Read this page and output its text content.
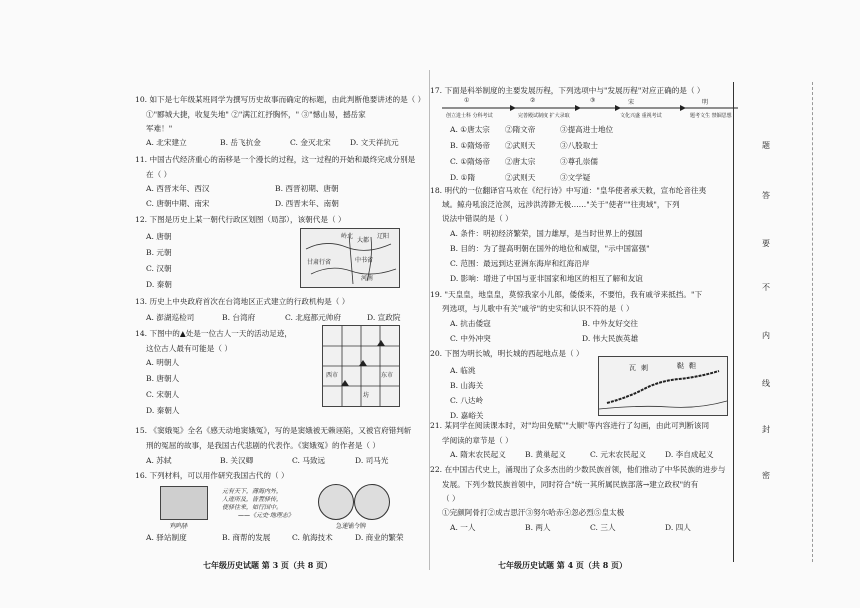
10. 如下是七年级某班同学为撰写历史故事而确定的标题，由此判断他要讲述的是（ ）
①"郾城大捷，收复失地" ②"满江红抒胸怀，" ③"憾山易，撼岳家
军难！"
A. 北宋建立	B. 岳飞抗金	C. 金灭北宋	D. 文天祥抗元
11. 中国古代经济重心的南移是一个漫长的过程，这一过程的开始和最终完成分别是
在（ ）
A. 西晋末年、西汉	B. 西晋初期、唐朝
C. 唐朝中期、南宋	D. 西晋末年、南朝
12. 下图是历史上某一朝代行政区划图（局部），该朝代是（ ）
A. 唐朝
B. 元朝
C. 汉朝
D. 秦朝
大都
甘肃行省
岭北	辽阳
中书省
河南
13. 历史上中央政府首次在台湾地区正式建立的行政机构是（ ）
A. 澎湖巡检司	B. 台湾府	C. 北庭都元帅府	D. 宣政院
14. 下图中的▲处是一位古人一天的活动足迹，
这位古人最有可能是（ ）
A. 明朝人
B. 唐朝人
C. 宋朝人
D. 秦朝人
东市
西市
坊
15. 《窦娥冤》全名《感天动地窦娥冤》，写的是窦娥被无赖诬陷，又被官府错判斩
刑的冤屈的故事，是我国古代悲剧的代表作。《窦娥冤》的作者是（ ）
A. 苏轼	B. 关汉卿	C. 马致远	D. 司马光
16. 下列材料，可以用作研究我国古代的（ ）
鸡鸣驿
元有天下，薄海内外，
人迹所及，皆置驿传，
使驿往来，如行国中。
——《元史·地理志》
急递铺令牌
A. 驿站制度	B. 商帮的发展	C. 航海技术	D. 商业的繁荣
七年级历史试题 第 3 页（共 8 页）
17. 下面是科举制度的主要发展历程，下列选项中与"发展历程"对应正确的是（ ）
①	②	③	宋	明
创立进士科 分科考试	完善殿试制度 扩大录取	文化兴盛 重视考试	题考文生 禁锢思想
A. ①唐太宗 ②隋文帝	③提高进士地位
B. ①隋炀帝 ②武则天	③八股取士
C. ①隋炀帝 ②唐太宗	③尊孔崇儒
D. ①隋	②武则天	③文学疑
18. 明代的一位翻译官马欢在《纪行诗》中写道："皇华使者承天敕，宣布纶音往夷
域。鲸舟吼浪泛沧溟，远涉洪涛渺无极……"关于"使者""往夷域"，下列
说法中错误的是（ ）
A. 条件：明初经济繁荣，国力雄厚，是当时世界上的强国
B. 目的：为了提高明朝在国外的地位和威望，"示中国富强"
C. 范围：最远到达亚洲东海岸和红海沿岸
D. 影响：增进了中国与亚非国家和地区的相互了解和友谊
19. "天皇皇，地皇皇，莫惊我家小儿郎，倭倭来，不要怕，我有戚爷来抵挡。"下
列选项，与儿歌中有关"戚爷"的史实和认识不符的是（ ）
A. 抗击倭寇	B. 中外友好交往
C. 中外冲突	D. 伟大民族英雄
20. 下图为明长城，明长城的西起地点是（ ）
A. 临洮
B. 山海关
C. 八达岭
D. 嘉峪关
瓦 刺	鞑 靼
21. 某同学在阅读课本时，对"均田免赋""大顺"等内容进行了勾画，由此可判断该同
学阅读的章节是（ ）
A. 隋末农民起义	B. 黄巢起义	C. 元末农民起义	D. 李自成起义
22. 在中国古代史上，涌现出了众多杰出的少数民族首领，他们推动了中华民族的进步与
发展。下列少数民族首领中，同时符合"统一其所属民族部落→建立政权"的有
（ ）
①完颜阿骨打②成吉思汗③努尔哈赤④忽必烈⑤皇太极
A. 一人	B. 两人	C. 三人	D. 四人
七年级历史试题 第 4 页（共 8 页）
题
答
要
不
内
线
封
密
